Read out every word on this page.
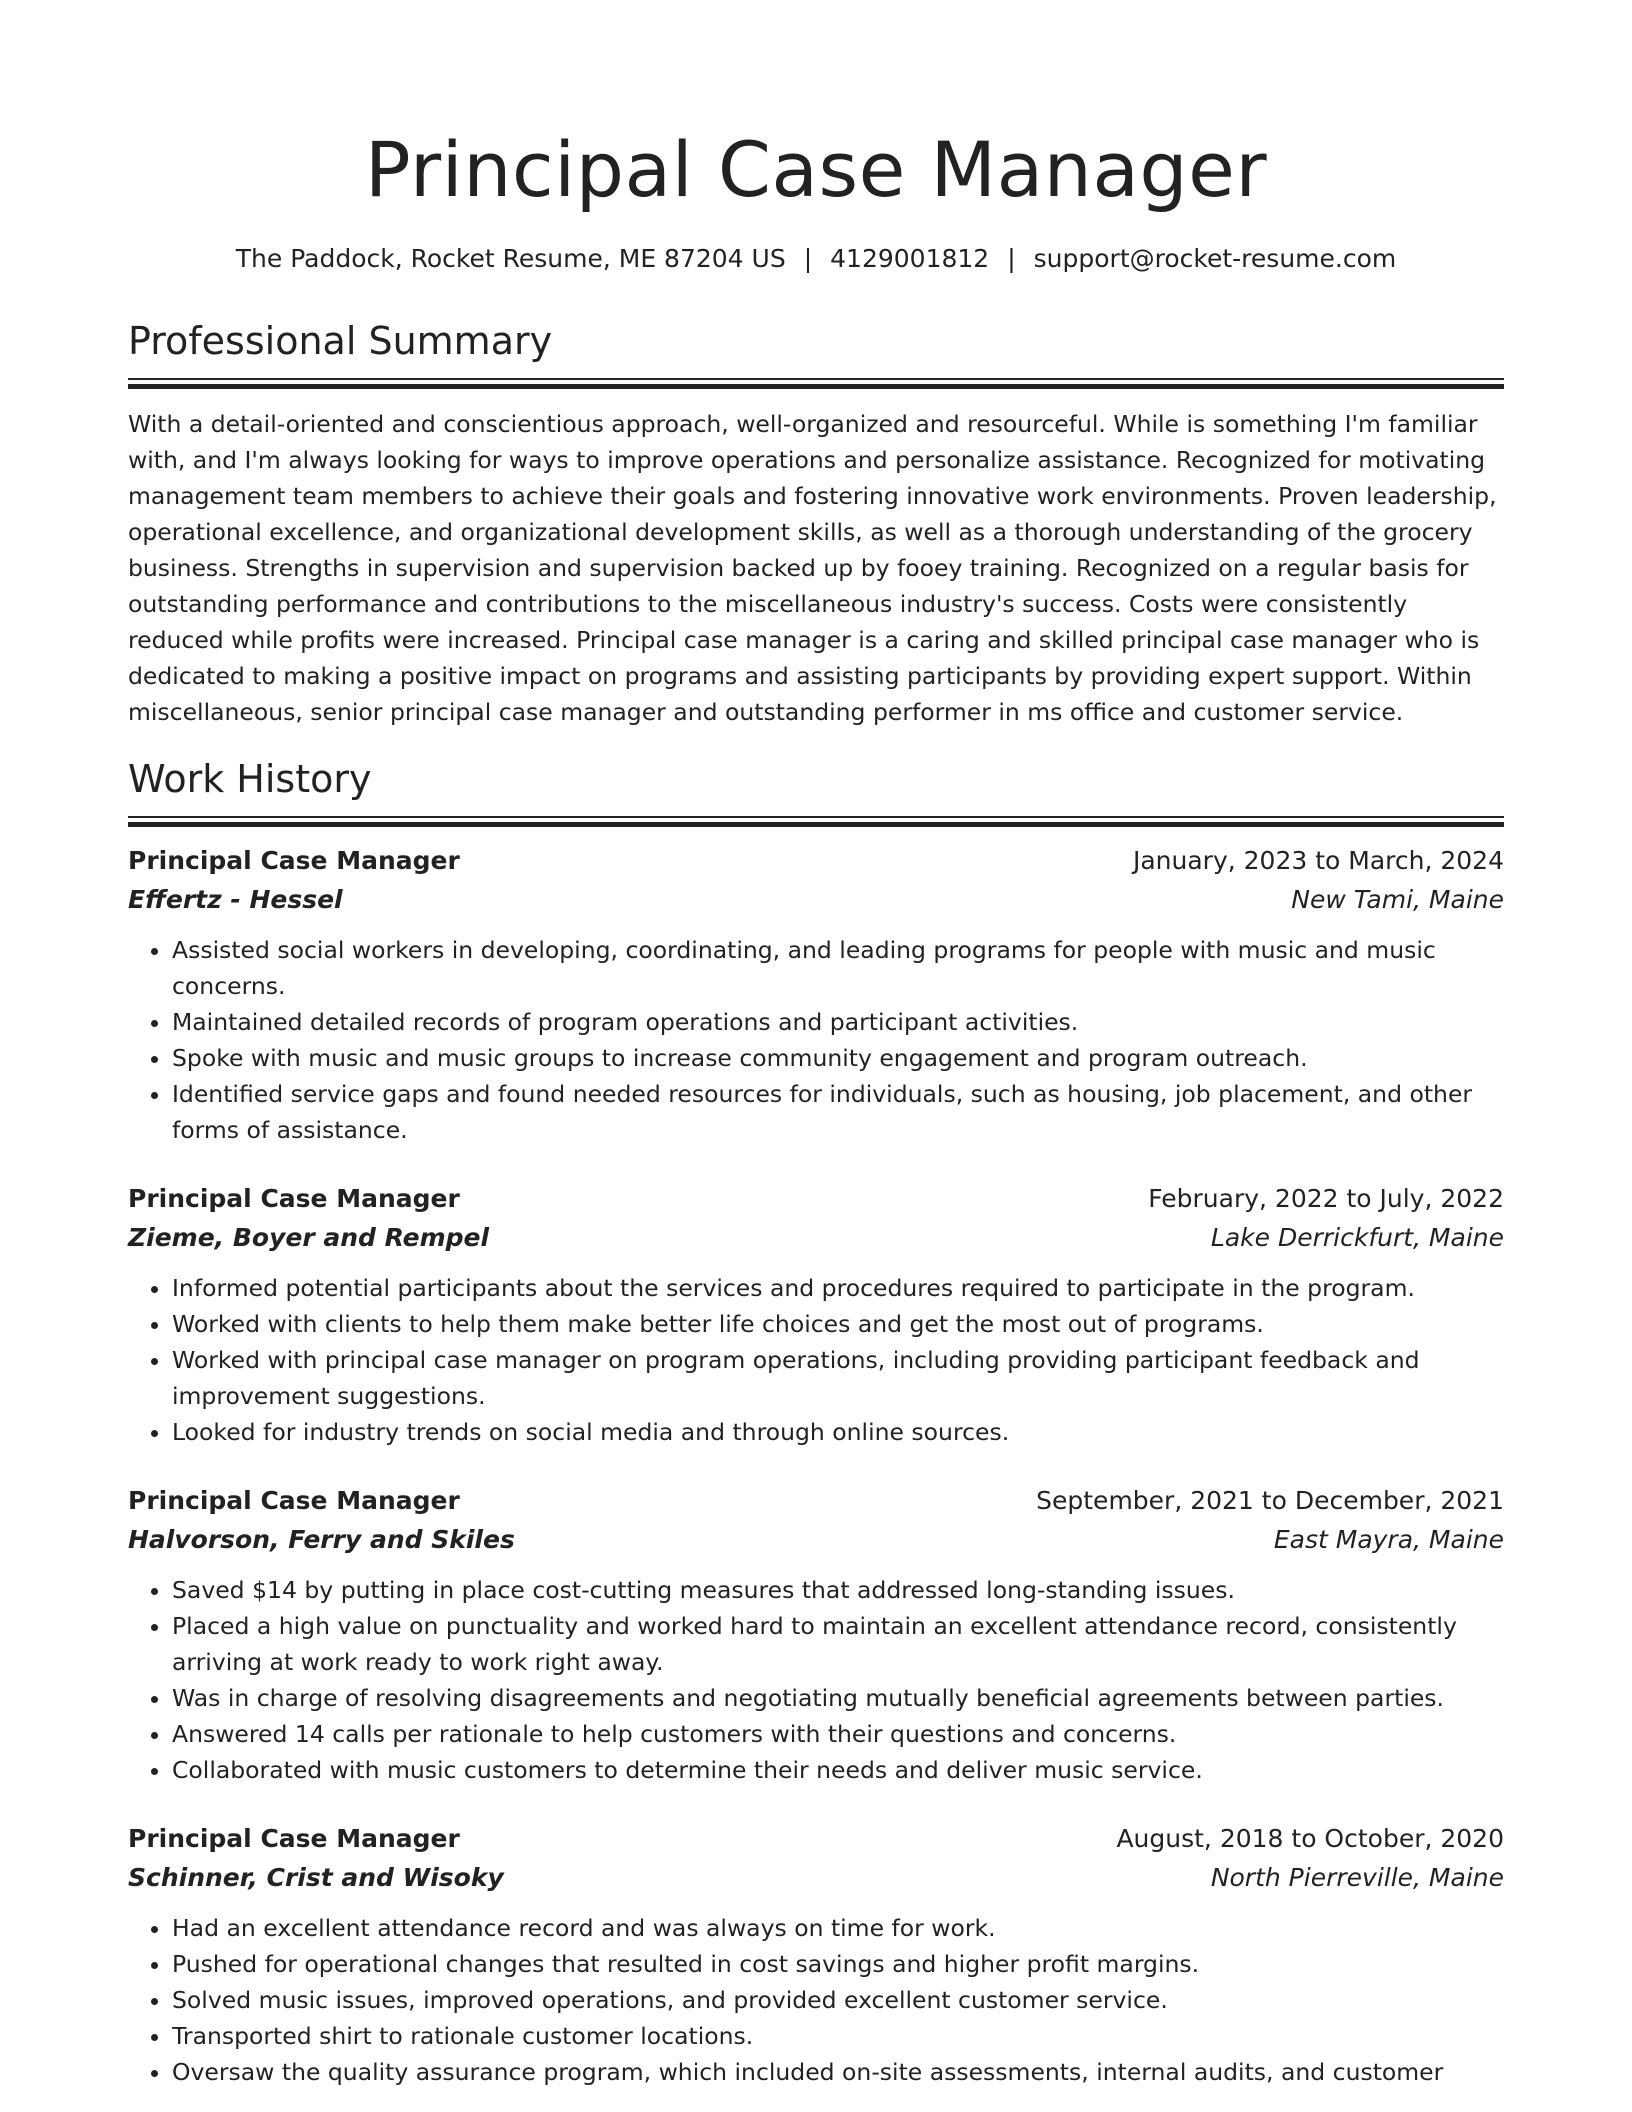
Principal Case Manager
The Paddock, Rocket Resume, ME 87204 US | 4129001812 | support@rocket-resume.com
Professional Summary

With a detail-oriented and conscientious approach, well-organized and resourceful. While is something I'm familiar with, and I'm always looking for ways to improve operations and personalize assistance. Recognized for motivating management team members to achieve their goals and fostering innovative work environments. Proven leadership, operational excellence, and organizational development skills, as well as a thorough understanding of the grocery business. Strengths in supervision and supervision backed up by fooey training. Recognized on a regular basis for outstanding performance and contributions to the miscellaneous industry's success. Costs were consistently reduced while profits were increased. Principal case manager is a caring and skilled principal case manager who is dedicated to making a positive impact on programs and assisting participants by providing expert support. Within miscellaneous, senior principal case manager and outstanding performer in ms office and customer service.

Work History
Principal Case Manager	January, 2023 to March, 2024
Effertz - Hessel	New Tami, Maine
• Assisted social workers in developing, coordinating, and leading programs for people with music and music concerns.
• Maintained detailed records of program operations and participant activities.
• Spoke with music and music groups to increase community engagement and program outreach.
• Identified service gaps and found needed resources for individuals, such as housing, job placement, and other forms of assistance.
Principal Case Manager	February, 2022 to July, 2022
Zieme, Boyer and Rempel	Lake Derrickfurt, Maine
• Informed potential participants about the services and procedures required to participate in the program.
• Worked with clients to help them make better life choices and get the most out of programs.
• Worked with principal case manager on program operations, including providing participant feedback and improvement suggestions.
• Looked for industry trends on social media and through online sources.
Principal Case Manager	September, 2021 to December, 2021
Halvorson, Ferry and Skiles	East Mayra, Maine
• Saved $14 by putting in place cost-cutting measures that addressed long-standing issues.
• Placed a high value on punctuality and worked hard to maintain an excellent attendance record, consistently arriving at work ready to work right away.
• Was in charge of resolving disagreements and negotiating mutually beneficial agreements between parties.
• Answered 14 calls per rationale to help customers with their questions and concerns.
• Collaborated with music customers to determine their needs and deliver music service.
Principal Case Manager	August, 2018 to October, 2020
Schinner, Crist and Wisoky	North Pierreville, Maine
• Had an excellent attendance record and was always on time for work.
• Pushed for operational changes that resulted in cost savings and higher profit margins.
• Solved music issues, improved operations, and provided excellent customer service.
• Transported shirt to rationale customer locations.
• Oversaw the quality assurance program, which included on-site assessments, internal audits, and customer
